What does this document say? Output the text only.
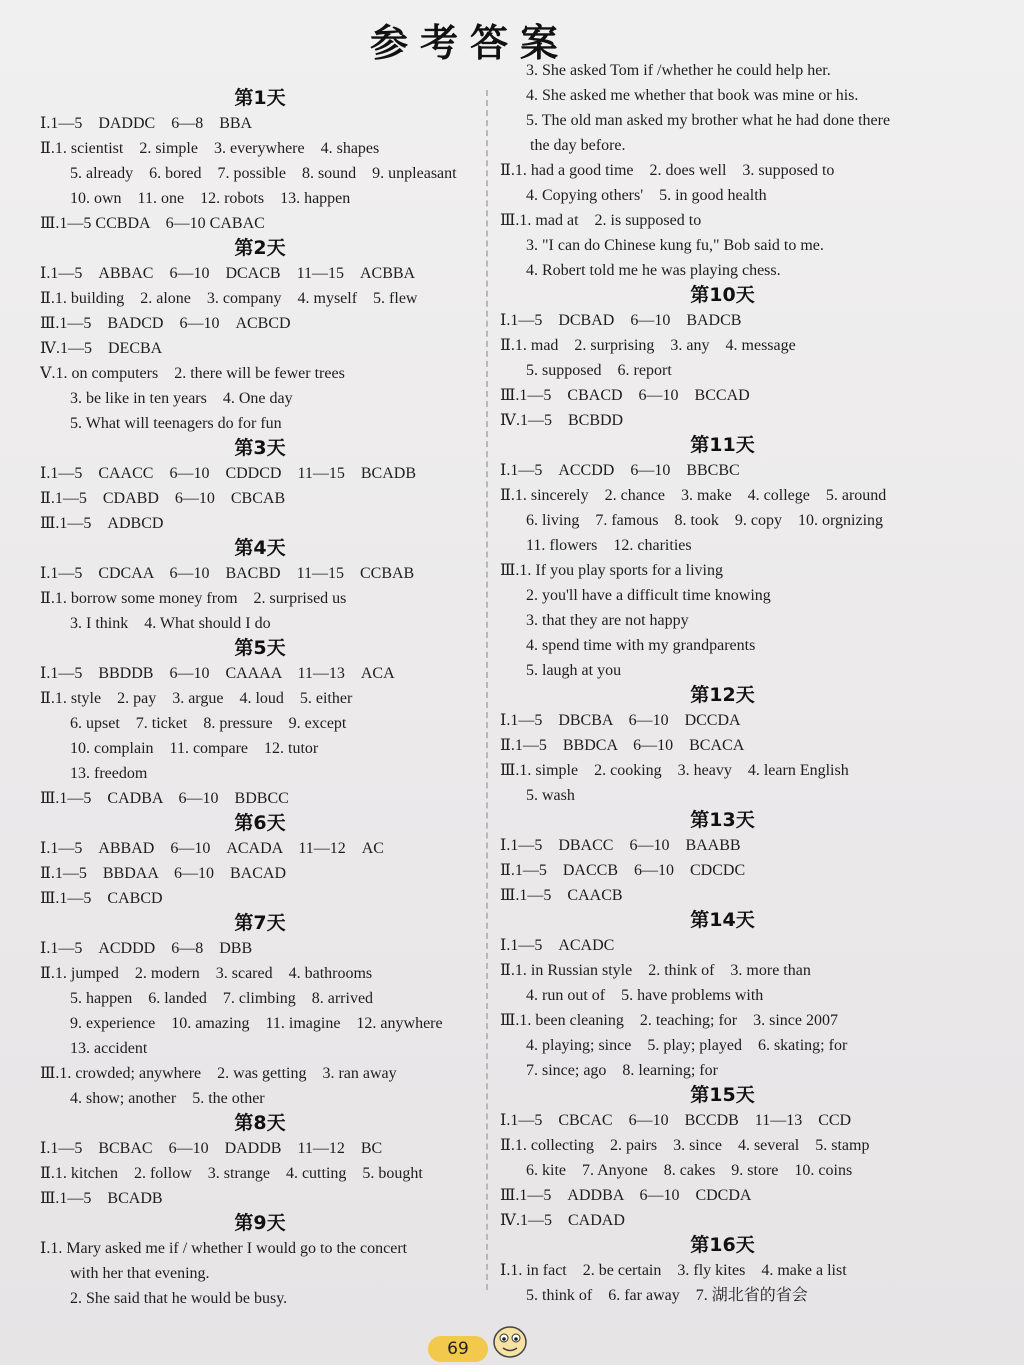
参考答案
第1天
Ⅰ.1—5　DADDC　6—8　BBA
Ⅱ.1. scientist　2. simple　3. everywhere　4. shapes
5. already　6. bored　7. possible　8. sound　9. unpleasant
10. own　11. one　12. robots　13. happen
Ⅲ.1—5 CCBDA　6—10 CABAC
第2天
Ⅰ.1—5　ABBAC　6—10　DCACB　11—15　ACBBA
Ⅱ.1. building　2. alone　3. company　4. myself　5. flew
Ⅲ.1—5　BADCD　6—10　ACBCD
Ⅳ.1—5　DECBA
Ⅴ.1. on computers　2. there will be fewer trees
3. be like in ten years　4. One day
5. What will teenagers do for fun
第3天
Ⅰ.1—5　CAACC　6—10　CDDCD　11—15　BCADB
Ⅱ.1—5　CDABD　6—10　CBCAB
Ⅲ.1—5　ADBCD
第4天
Ⅰ.1—5　CDCAA　6—10　BACBD　11—15　CCBAB
Ⅱ.1. borrow some money from　2. surprised us
3. I think　4. What should I do
第5天
Ⅰ.1—5　BBDDB　6—10　CAAAA　11—13　ACA
Ⅱ.1. style　2. pay　3. argue　4. loud　5. either
6. upset　7. ticket　8. pressure　9. except
10. complain　11. compare　12. tutor
13. freedom
Ⅲ.1—5　CADBA　6—10　BDBCC
第6天
Ⅰ.1—5　ABBAD　6—10　ACADA　11—12　AC
Ⅱ.1—5　BBDAA　6—10　BACAD
Ⅲ.1—5　CABCD
第7天
Ⅰ.1—5　ACDDD　6—8　DBB
Ⅱ.1. jumped　2. modern　3. scared　4. bathrooms
5. happen　6. landed　7. climbing　8. arrived
9. experience　10. amazing　11. imagine　12. anywhere
13. accident
Ⅲ.1. crowded; anywhere　2. was getting　3. ran away
4. show; another　5. the other
第8天
Ⅰ.1—5　BCBAC　6—10　DADDB　11—12　BC
Ⅱ.1. kitchen　2. follow　3. strange　4. cutting　5. bought
Ⅲ.1—5　BCADB
第9天
Ⅰ.1. Mary asked me if / whether I would go to the concert
with her that evening.
2. She said that he would be busy.
3. She asked Tom if /whether he could help her.
4. She asked me whether that book was mine or his.
5. The old man asked my brother what he had done there
the day before.
Ⅱ.1. had a good time　2. does well　3. supposed to
4. Copying others'　5. in good health
Ⅲ.1. mad at　2. is supposed to
3. "I can do Chinese kung fu," Bob said to me.
4. Robert told me he was playing chess.
第10天
Ⅰ.1—5　DCBAD　6—10　BADCB
Ⅱ.1. mad　2. surprising　3. any　4. message
5. supposed　6. report
Ⅲ.1—5　CBACD　6—10　BCCAD
Ⅳ.1—5　BCBDD
第11天
Ⅰ.1—5　ACCDD　6—10　BBCBC
Ⅱ.1. sincerely　2. chance　3. make　4. college　5. around
6. living　7. famous　8. took　9. copy　10. orgnizing
11. flowers　12. charities
Ⅲ.1. If you play sports for a living
2. you'll have a difficult time knowing
3. that they are not happy
4. spend time with my grandparents
5. laugh at you
第12天
Ⅰ.1—5　DBCBA　6—10　DCCDA
Ⅱ.1—5　BBDCA　6—10　BCACA
Ⅲ.1. simple　2. cooking　3. heavy　4. learn English
5. wash
第13天
Ⅰ.1—5　DBACC　6—10　BAABB
Ⅱ.1—5　DACCB　6—10　CDCDC
Ⅲ.1—5　CAACB
第14天
Ⅰ.1—5　ACADC
Ⅱ.1. in Russian style　2. think of　3. more than
4. run out of　5. have problems with
Ⅲ.1. been cleaning　2. teaching; for　3. since 2007
4. playing; since　5. play; played　6. skating; for
7. since; ago　8. learning; for
第15天
Ⅰ.1—5　CBCAC　6—10　BCCDB　11—13　CCD
Ⅱ.1. collecting　2. pairs　3. since　4. several　5. stamp
6. kite　7. Anyone　8. cakes　9. store　10. coins
Ⅲ.1—5　ADDBA　6—10　CDCDA
Ⅳ.1—5　CADAD
第16天
Ⅰ.1. in fact　2. be certain　3. fly kites　4. make a list
5. think of　6. far away　7. 湖北省的省会
69
